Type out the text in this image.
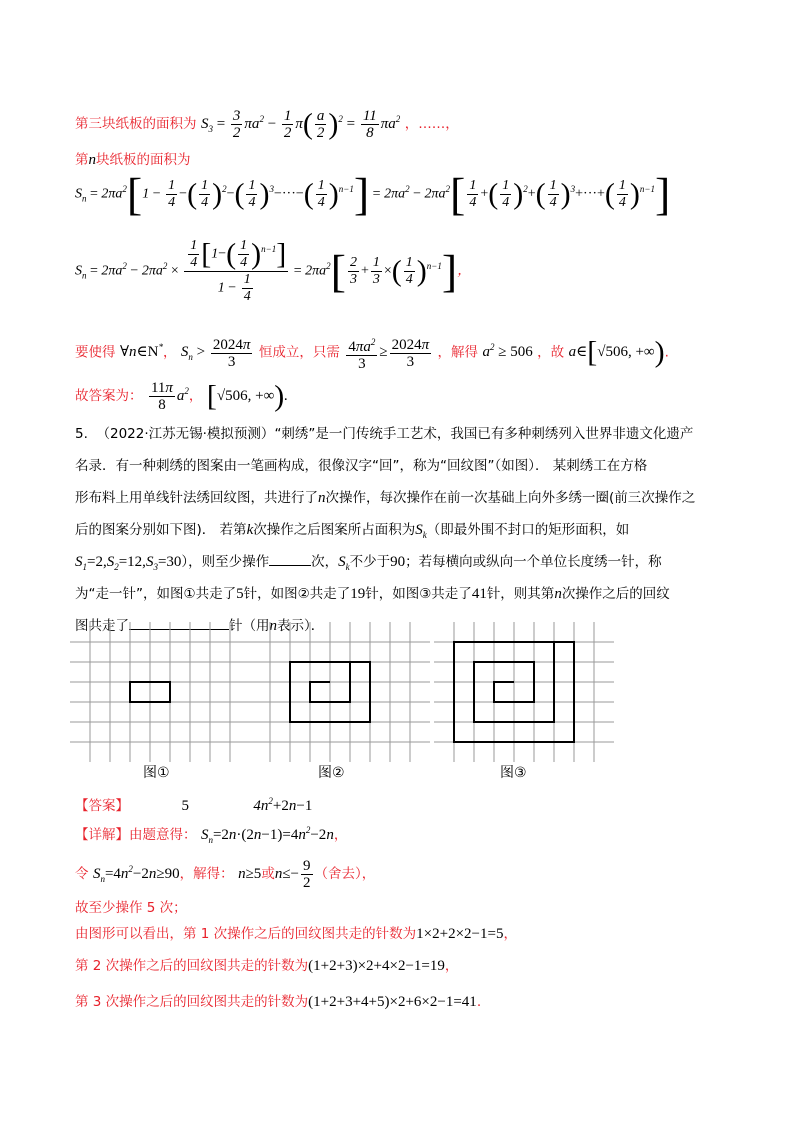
第三块纸板的面积为 $S_3 = \frac{3}{2} \pi a^2 - \frac{1}{2} \pi( \frac{a}{2} )^2 = \frac{11}{8} \pi a^2$ ，……，
第n块纸板的面积为
$S_n = 2\pi a^2[1 - \frac{1}{4}$ −( $\frac{1}{4} )^2-( \frac{1}{4} )^3-\cdot\cdot\cdot-( \frac{1}{4} )^{n-1}] = 2\pi a^2 - 2\pi a^2[ \frac{1}{4}$ +( $\frac{1}{4} )^2+( \frac{1}{4} )^3+\cdot\cdot\cdot+( \frac{1}{4} )^{n-1}$]
$S_n = 2\pi a^2 - 2\pi a^2 \times \frac{\frac{1}{4} [1-( \frac{1}{4} )^{n-1}]}{1 - \frac{1}{4}} = 2\pi a^2[ \frac{2}{3} + \frac{1}{3}$ ×( $\frac{1}{4} )^{n-1}$]，
要使得 ∀n∈N*， $S_n > \frac{2024\pi}{3}$ 恒成立，只需 $\frac{4\pi a^2}{3} \ge \frac{2024\pi}{3}$ ，解得 $a^2 \ge 506$ ，故 a∈[√506, +∞).
故答案为： $\frac{11\pi}{8} a^2$， [√506, +∞).
5. （2022·江苏无锡·模拟预测）“刺绣”是一门传统手工艺术，我国已有多种刺绣列入世界非遗文化遗产
名录．有一种刺绣的图案由一笔画构成，很像汉字“回”，称为“回纹图”（如图）． 某刺绣工在方格
形布料上用单线针法绣回纹图，共进行了n次操作，每次操作在前一次基础上向外多绣一圈(前三次操作之
后的图案分别如下图)． 若第k次操作之后图案所占面积为$S_k$（即最外围不封口的矩形面积，如
$S_1=2,S_2=12,S_3=30$），则至少操作	次，$S_k$不少于90；若每横向或纵向一个单位长度绣一针，称
为“走一针”，如图①共走了5针，如图②共走了19针，如图③共走了41针，则其第n次操作之后的回纹
图共走了	针（用n表示）．
图①	图②	图③
【答案】	5	$4n^2+2n-1$
【详解】由题意得： $S_n=2n\cdot(2n-1)=4n^2-2n$，
令 $S_n=4n^2-2n\ge 90$，解得： n≥5或$n\le- \frac{9}{2}$ （舍去），
故至少操作 5 次；
由图形可以看出，第 1 次操作之后的回纹图共走的针数为1×2+2×2−1=5，
第 2 次操作之后的回纹图共走的针数为(1+2+3)×2+4×2−1=19，
第 3 次操作之后的回纹图共走的针数为(1+2+3+4+5)×2+6×2−1=41.
